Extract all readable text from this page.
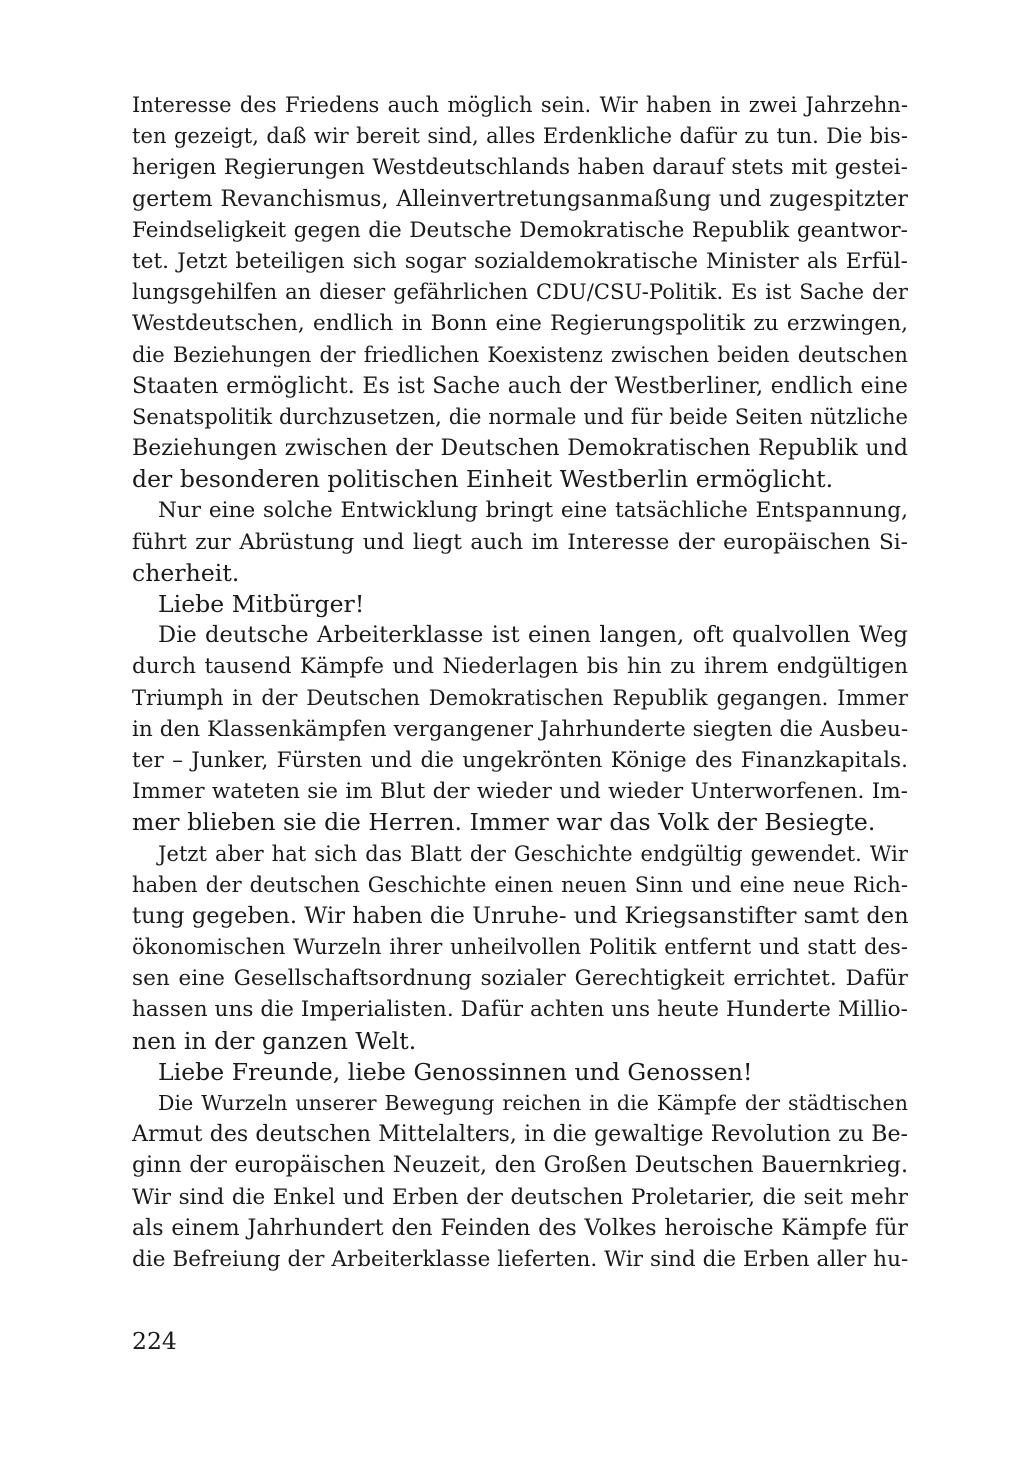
Interesse des Friedens auch möglich sein. Wir haben in zwei Jahrzehn-
ten gezeigt, daß wir bereit sind, alles Erdenkliche dafür zu tun. Die bis-
herigen Regierungen Westdeutschlands haben darauf stets mit gestei-
gertem Revanchismus, Alleinvertretungsanmaßung und zugespitzter
Feindseligkeit gegen die Deutsche Demokratische Republik geantwor-
tet. Jetzt beteiligen sich sogar sozialdemokratische Minister als Erfül-
lungsgehilfen an dieser gefährlichen CDU/CSU-Politik. Es ist Sache der
Westdeutschen, endlich in Bonn eine Regierungspolitik zu erzwingen,
die Beziehungen der friedlichen Koexistenz zwischen beiden deutschen
Staaten ermöglicht. Es ist Sache auch der Westberliner, endlich eine
Senatspolitik durchzusetzen, die normale und für beide Seiten nützliche
Beziehungen zwischen der Deutschen Demokratischen Republik und
der besonderen politischen Einheit Westberlin ermöglicht.
Nur eine solche Entwicklung bringt eine tatsächliche Entspannung,
führt zur Abrüstung und liegt auch im Interesse der europäischen Si-
cherheit.
Liebe Mitbürger!
Die deutsche Arbeiterklasse ist einen langen, oft qualvollen Weg
durch tausend Kämpfe und Niederlagen bis hin zu ihrem endgültigen
Triumph in der Deutschen Demokratischen Republik gegangen. Immer
in den Klassenkämpfen vergangener Jahrhunderte siegten die Ausbeu-
ter – Junker, Fürsten und die ungekrönten Könige des Finanzkapitals.
Immer wateten sie im Blut der wieder und wieder Unterworfenen. Im-
mer blieben sie die Herren. Immer war das Volk der Besiegte.
Jetzt aber hat sich das Blatt der Geschichte endgültig gewendet. Wir
haben der deutschen Geschichte einen neuen Sinn und eine neue Rich-
tung gegeben. Wir haben die Unruhe- und Kriegsanstifter samt den
ökonomischen Wurzeln ihrer unheilvollen Politik entfernt und statt des-
sen eine Gesellschaftsordnung sozialer Gerechtigkeit errichtet. Dafür
hassen uns die Imperialisten. Dafür achten uns heute Hunderte Millio-
nen in der ganzen Welt.
Liebe Freunde, liebe Genossinnen und Genossen!
Die Wurzeln unserer Bewegung reichen in die Kämpfe der städtischen
Armut des deutschen Mittelalters, in die gewaltige Revolution zu Be-
ginn der europäischen Neuzeit, den Großen Deutschen Bauernkrieg.
Wir sind die Enkel und Erben der deutschen Proletarier, die seit mehr
als einem Jahrhundert den Feinden des Volkes heroische Kämpfe für
die Befreiung der Arbeiterklasse lieferten. Wir sind die Erben aller hu-
224
